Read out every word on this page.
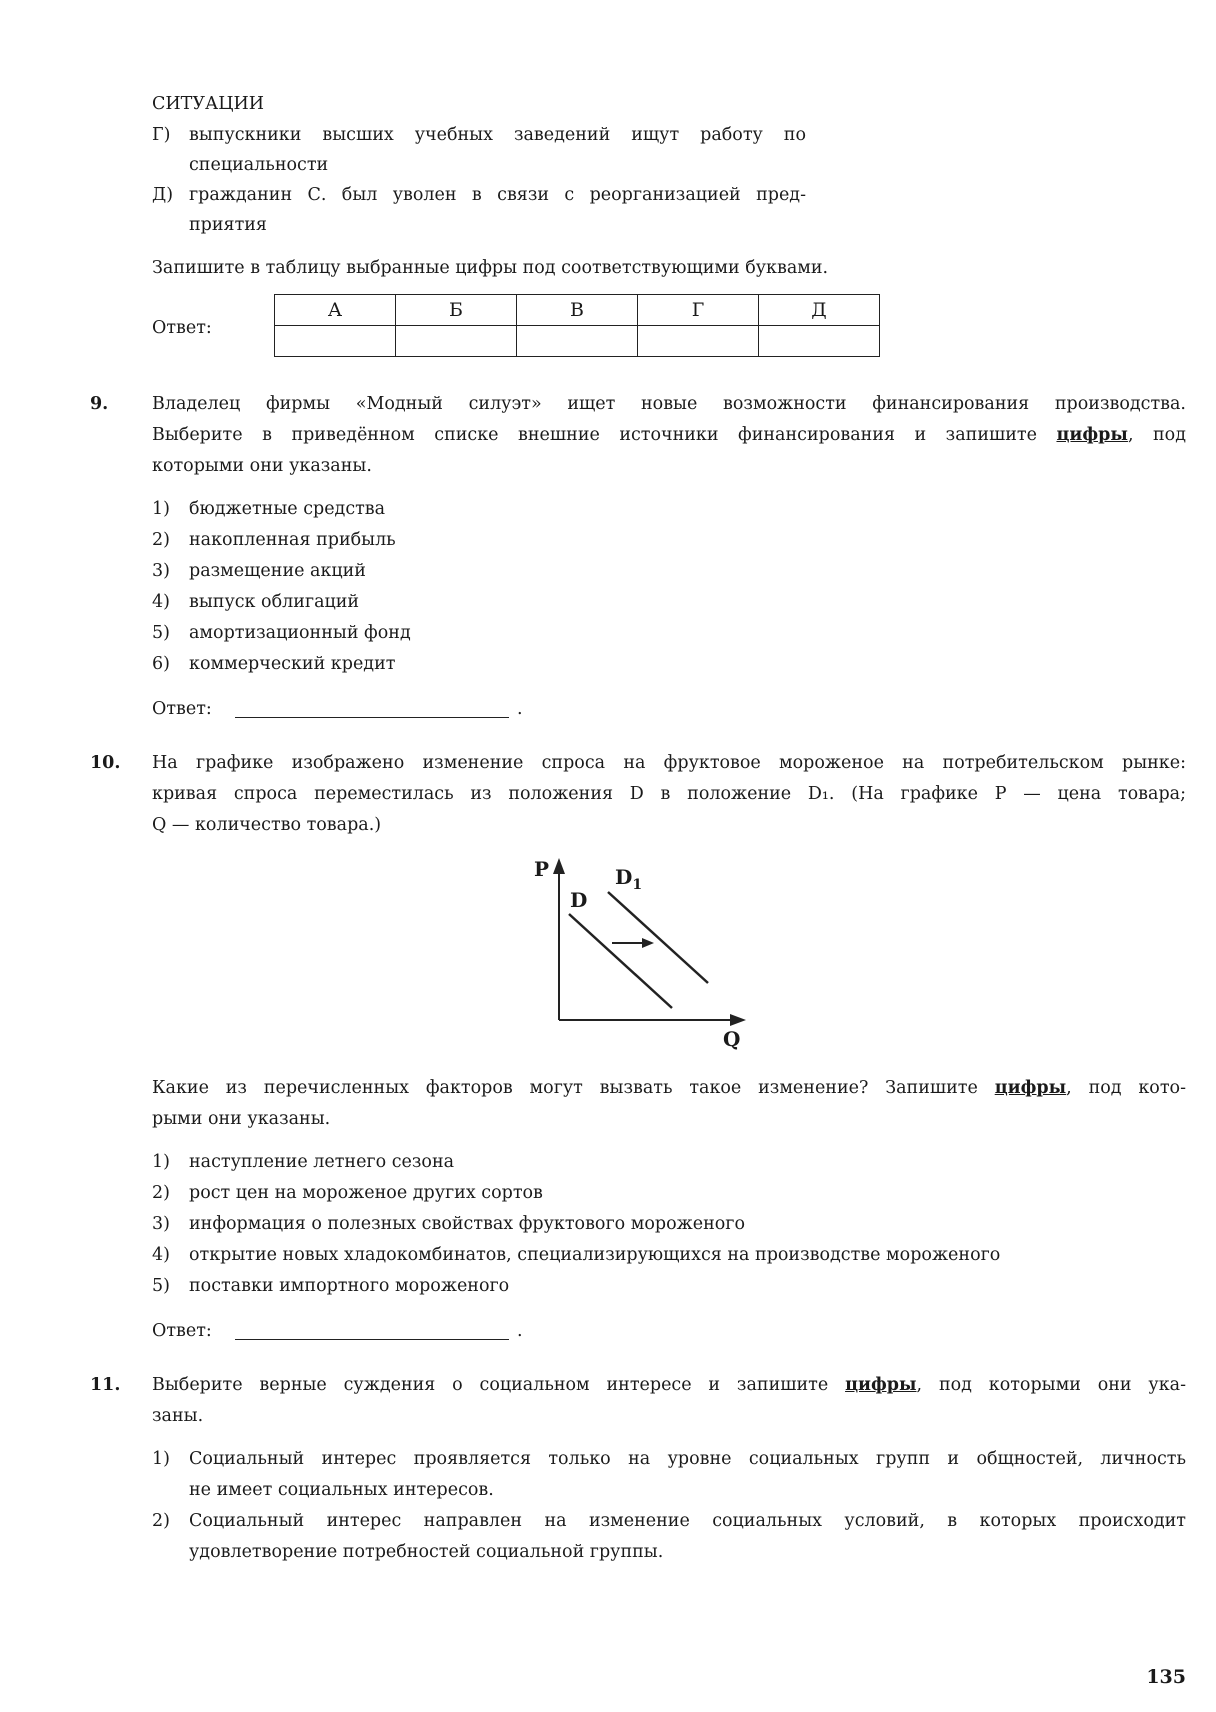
СИТУАЦИИ
Г) выпускники высших учебных заведений ищут работу по
специальности
Д) гражданин С. был уволен в связи с реорганизацией пред-
приятия
Запишите в таблицу выбранные цифры под соответствующими буквами.
Ответ:
А	Б	В	Г	Д

9. Владелец фирмы «Модный силуэт» ищет новые возможности финансирования производства.
Выберите в приведённом списке внешние источники финансирования и запишите цифры, под
которыми они указаны.
1) бюджетные средства
2) накопленная прибыль
3) размещение акций
4) выпуск облигаций
5) амортизационный фонд
6) коммерческий кредит
Ответ:	.
10. На графике изображено изменение спроса на фруктовое мороженое на потребительском рынке:
кривая спроса переместилась из положения D в положение D₁. (На графике P — цена товара;
Q — количество товара.)
P
Q
D
$D_1$
Какие из перечисленных факторов могут вызвать такое изменение? Запишите цифры, под кото-
рыми они указаны.
1) наступление летнего сезона
2) рост цен на мороженое других сортов
3) информация о полезных свойствах фруктового мороженого
4) открытие новых хладокомбинатов, специализирующихся на производстве мороженого
5) поставки импортного мороженого
Ответ:	.
11. Выберите верные суждения о социальном интересе и запишите цифры, под которыми они ука-
заны.
1) Социальный интерес проявляется только на уровне социальных групп и общностей, личность
не имеет социальных интересов.
2) Социальный интерес направлен на изменение социальных условий, в которых происходит
удовлетворение потребностей социальной группы.
135
